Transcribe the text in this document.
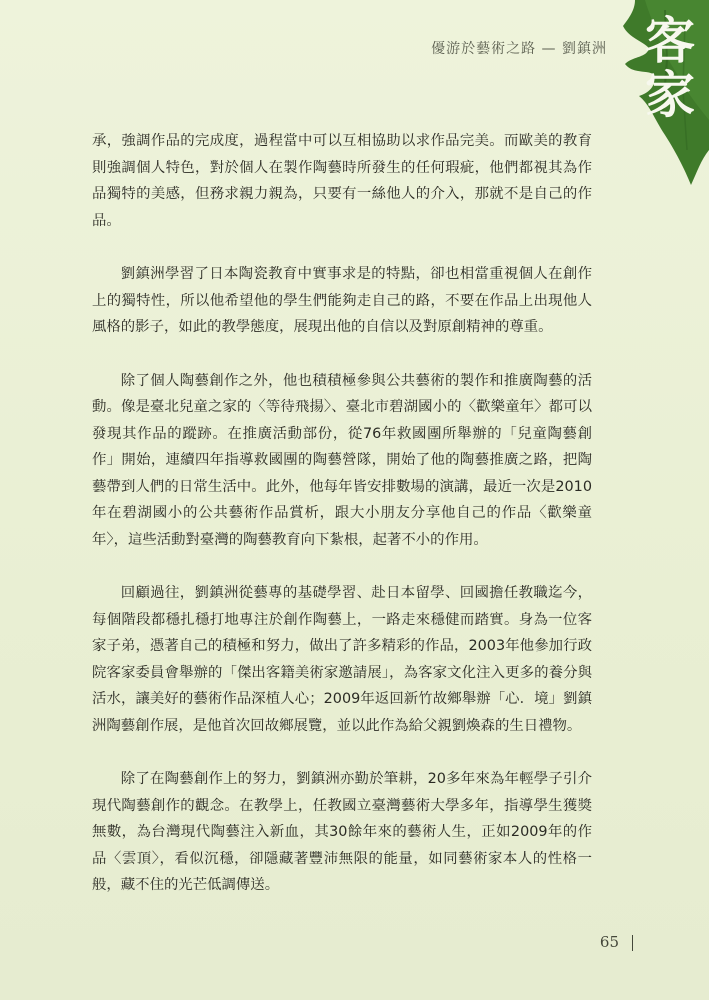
優游於藝術之路 — 劉鎮洲 客
家

承，強調作品的完成度，過程當中可以互相協助以求作品完美。而歐美的教育則強調個人特色，對於個人在製作陶藝時所發生的任何瑕疵，他們都視其為作品獨特的美感，但務求親力親為，只要有一絲他人的介入，那就不是自己的作品。

劉鎮洲學習了日本陶瓷教育中實事求是的特點，卻也相當重視個人在創作上的獨特性，所以他希望他的學生們能夠走自己的路，不要在作品上出現他人風格的影子，如此的教學態度，展現出他的自信以及對原創精神的尊重。

除了個人陶藝創作之外，他也積積極參與公共藝術的製作和推廣陶藝的活動。像是臺北兒童之家的〈等待飛揚〉、臺北市碧湖國小的〈歡樂童年〉都可以發現其作品的蹤跡。在推廣活動部份，從76年救國團所舉辦的「兒童陶藝創作」開始，連續四年指導救國團的陶藝營隊，開始了他的陶藝推廣之路，把陶藝帶到人們的日常生活中。此外，他每年皆安排數場的演講，最近一次是2010年在碧湖國小的公共藝術作品賞析，跟大小朋友分享他自己的作品〈歡樂童年〉，這些活動對臺灣的陶藝教育向下紮根，起著不小的作用。

回顧過往，劉鎮洲從藝專的基礎學習、赴日本留學、回國擔任教職迄今，每個階段都穩扎穩打地專注於創作陶藝上，一路走來穩健而踏實。身為一位客家子弟，憑著自己的積極和努力，做出了許多精彩的作品，2003年他參加行政院客家委員會舉辦的「傑出客籍美術家邀請展」，為客家文化注入更多的養分與活水，讓美好的藝術作品深植人心；2009年返回新竹故鄉舉辦「心．境」劉鎮洲陶藝創作展，是他首次回故鄉展覽，並以此作為給父親劉煥森的生日禮物。

除了在陶藝創作上的努力，劉鎮洲亦勤於筆耕，20多年來為年輕學子引介現代陶藝創作的觀念。在教學上，任教國立臺灣藝術大學多年，指導學生獲獎無數，為台灣現代陶藝注入新血，其30餘年來的藝術人生，正如2009年的作品〈雲頂〉，看似沉穩，卻隱藏著豐沛無限的能量，如同藝術家本人的性格一般，藏不住的光芒低調傳送。

65
